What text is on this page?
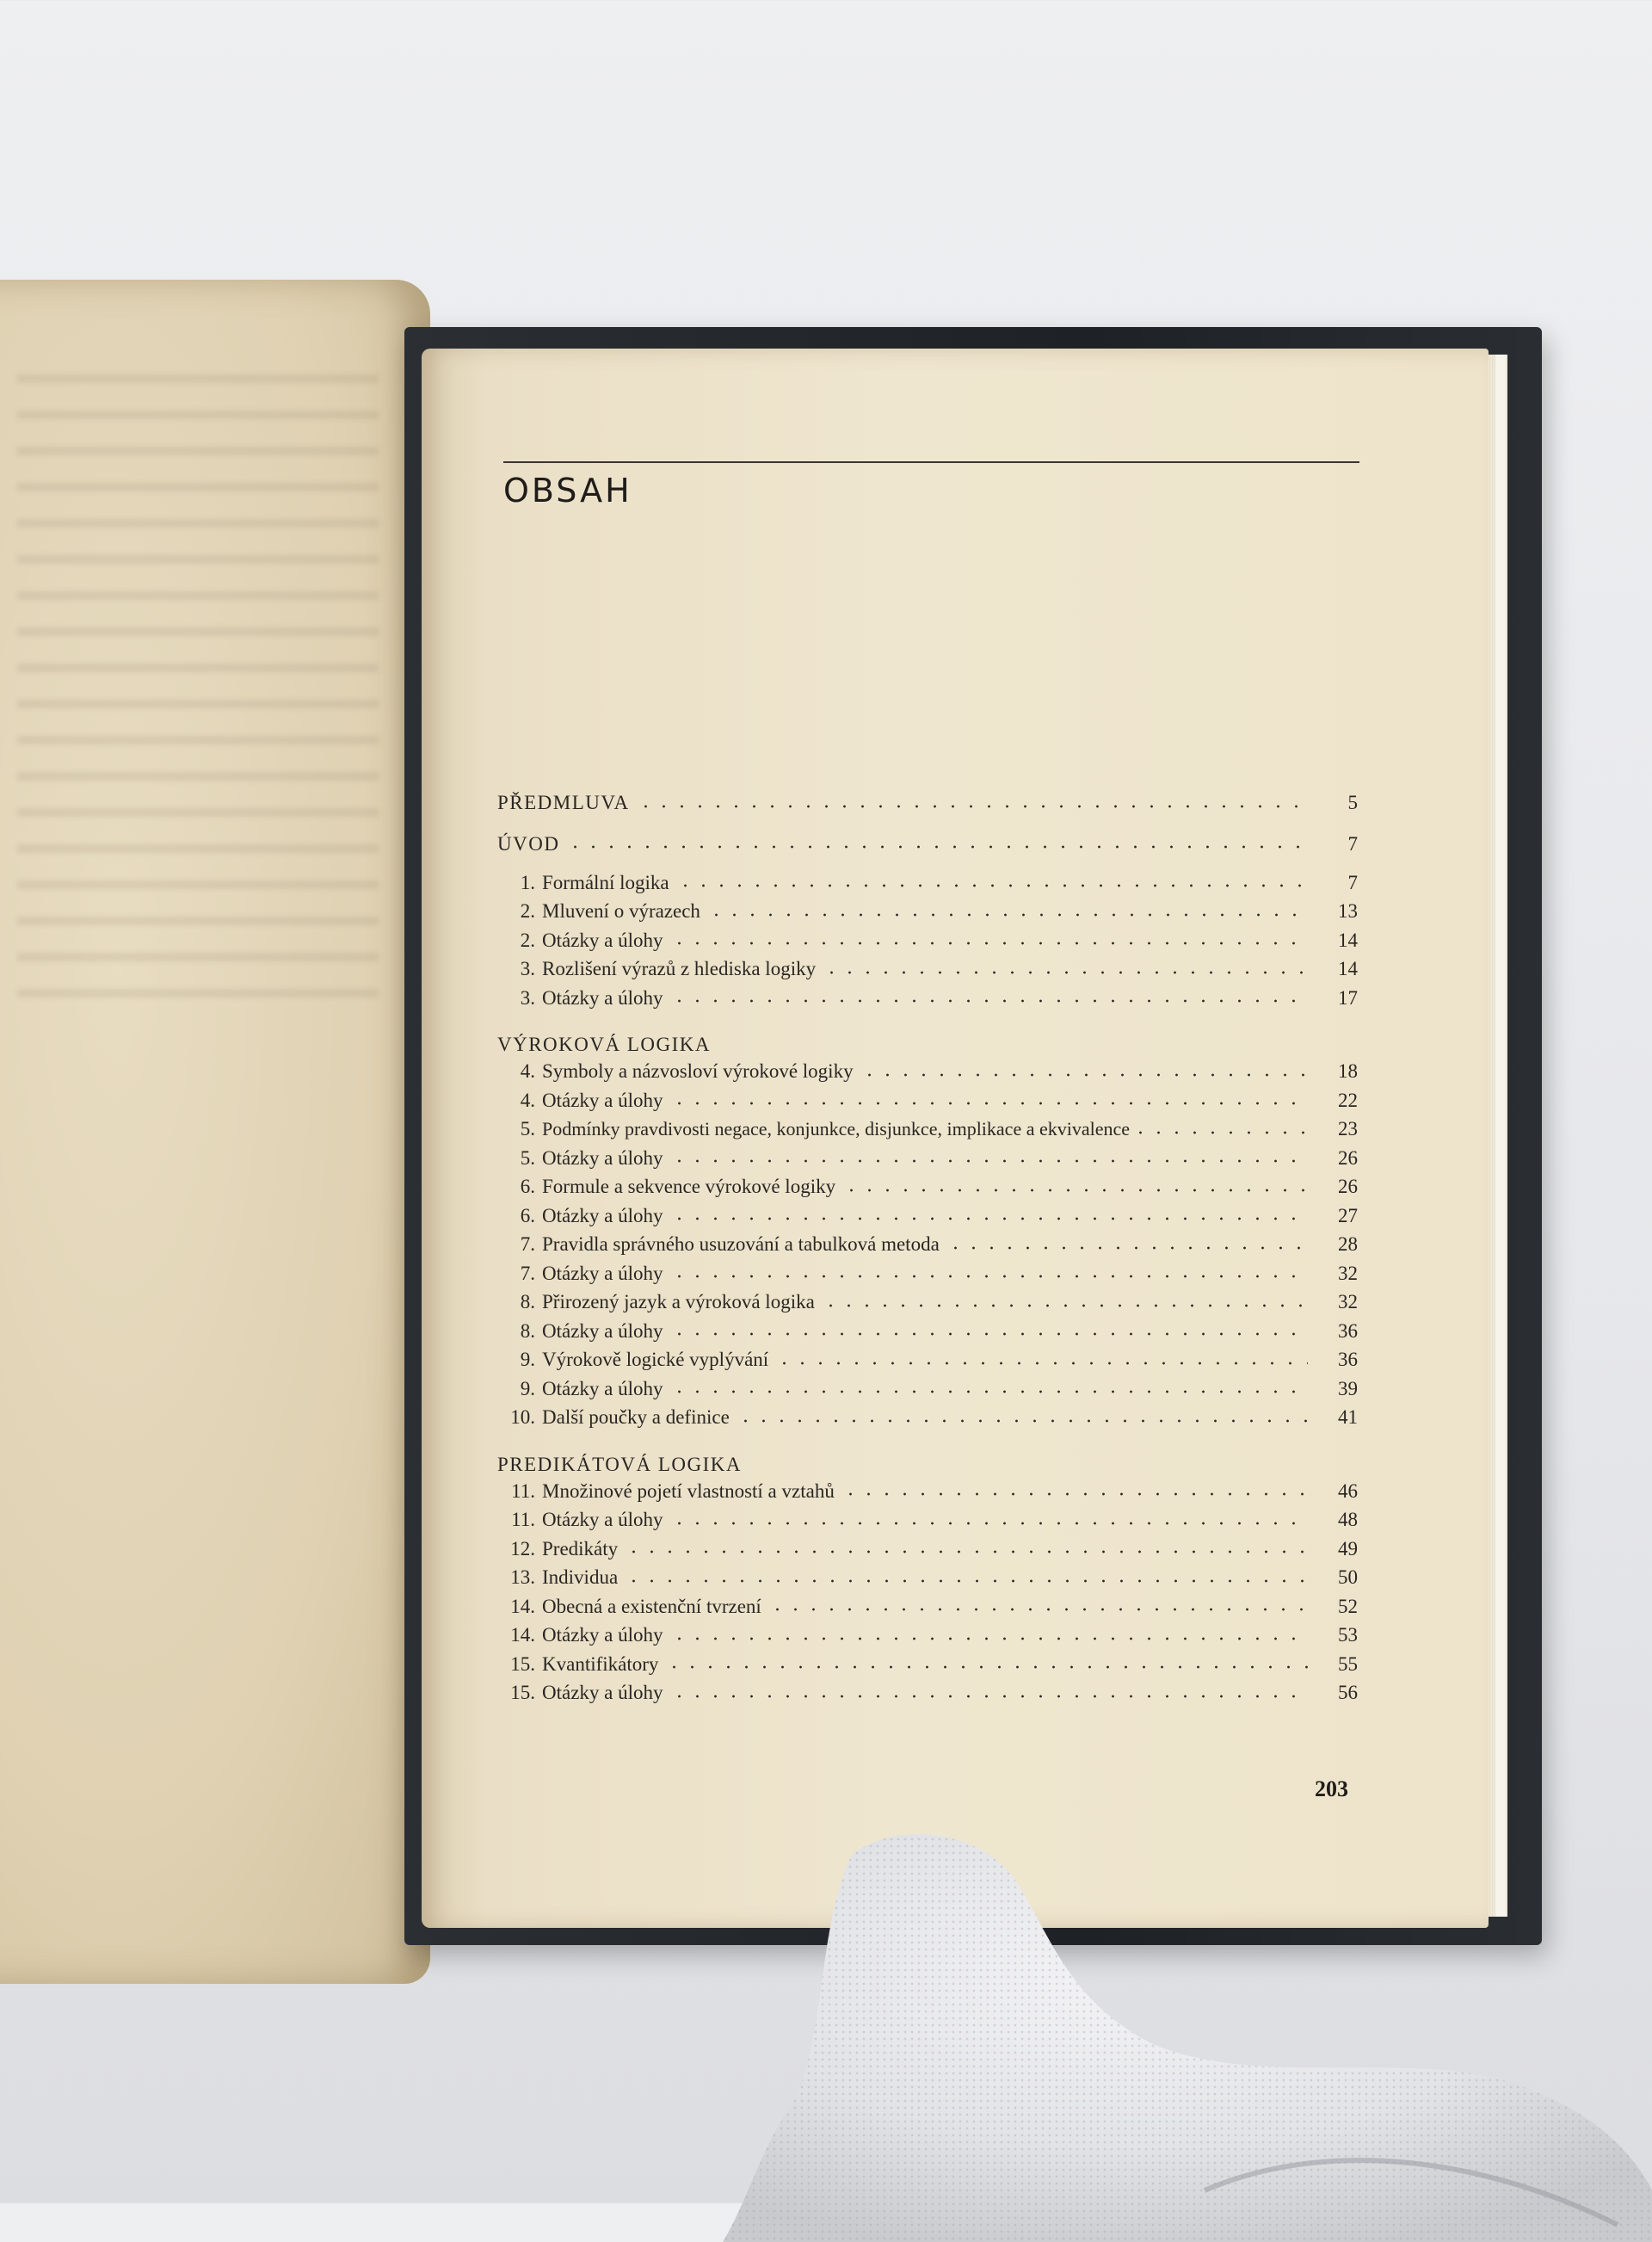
OBSAH
PŘEDMLUVA	5
ÚVOD	7
1. Formální logika	7
2. Mluvení o výrazech	13
2. Otázky a úlohy	14
3. Rozlišení výrazů z hlediska logiky	14
3. Otázky a úlohy	17
VÝROKOVÁ LOGIKA
4. Symboly a názvosloví výrokové logiky	18
4. Otázky a úlohy	22
5. Podmínky pravdivosti negace, konjunkce, disjunkce, implikace a ekvivalence	23
5. Otázky a úlohy	26
6. Formule a sekvence výrokové logiky	26
6. Otázky a úlohy	27
7. Pravidla správného usuzování a tabulková metoda	28
7. Otázky a úlohy	32
8. Přirozený jazyk a výroková logika	32
8. Otázky a úlohy	36
9. Výrokově logické vyplývání	36
9. Otázky a úlohy	39
10. Další poučky a definice	41
PREDIKÁTOVÁ LOGIKA
11. Množinové pojetí vlastností a vztahů	46
11. Otázky a úlohy	48
12. Predikáty	49
13. Individua	50
14. Obecná a existenční tvrzení	52
14. Otázky a úlohy	53
15. Kvantifikátory	55
15. Otázky a úlohy	56
203
